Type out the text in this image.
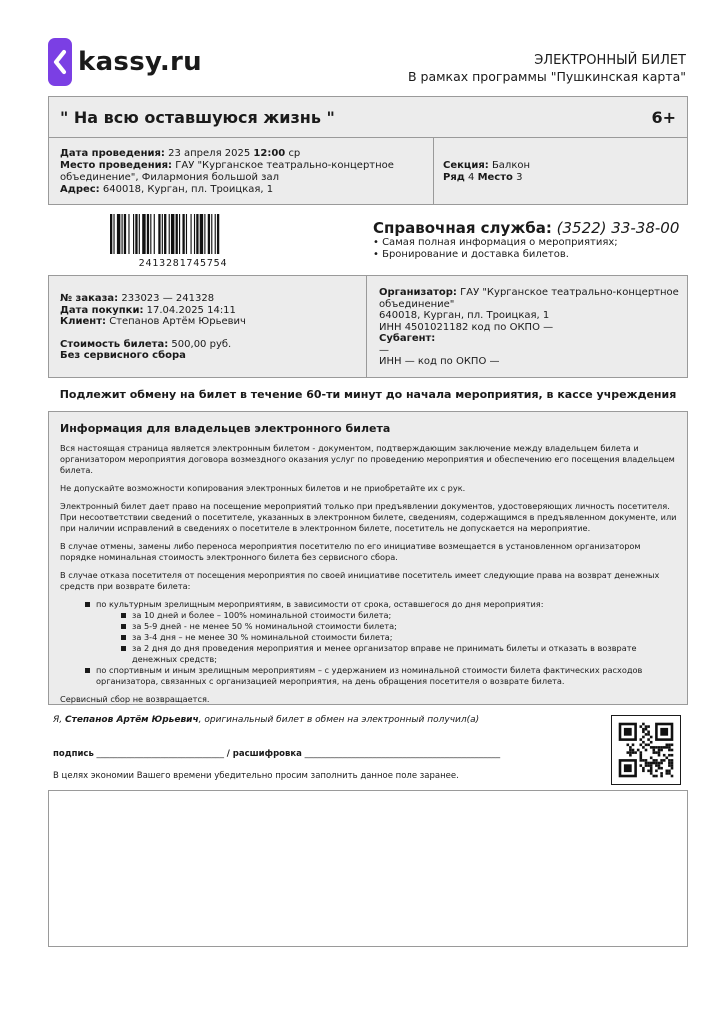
kassy.ru	ЭЛЕКТРОННЫЙ БИЛЕТ
В рамках программы "Пушкинская карта"
" На всю оставшуюся жизнь "	6+
Дата проведения: 23 апреля 2025 12:00 ср
Место проведения: ГАУ "Курганское театрально-концертное
объединение", Филармония большой зал
Адрес: 640018, Курган, пл. Троицкая, 1
Секция: Балкон
Ряд 4 Место 3
2413281745754
Справочная служба: (3522) 33-38-00
• Самая полная информация о мероприятиях;
• Бронирование и доставка билетов.
№ заказа: 233023 — 241328
Дата покупки: 17.04.2025 14:11
Клиент: Степанов Артём Юрьевич
Стоимость билета: 500,00 руб.
Без сервисного сбора
Организатор: ГАУ "Курганское театрально-концертное
объединение"
640018, Курган, пл. Троицкая, 1
ИНН 4501021182 код по ОКПО —
Субагент:
—
ИНН — код по ОКПО —
Подлежит обмену на билет в течение 60-ти минут до начала мероприятия, в кассе учреждения
Информация для владельцев электронного билета

Вся настоящая страница является электронным билетом - документом, подтверждающим заключение между владельцем билета и организатором мероприятия договора возмездного оказания услуг по проведению мероприятия и обеспечению его посещения владельцем билета.

Не допускайте возможности копирования электронных билетов и не приобретайте их с рук.

Электронный билет дает право на посещение мероприятий только при предъявлении документов, удостоверяющих личность посетителя. При несоответствии сведений о посетителе, указанных в электронном билете, сведениям, содержащимся в предъявленном документе, или при наличии исправлений в сведениях о посетителе в электронном билете, посетитель не допускается на мероприятие.

В случае отмены, замены либо переноса мероприятия посетителю по его инициативе возмещается в установленном организатором порядке номинальная стоимость электронного билета без сервисного сбора.

В случае отказа посетителя от посещения мероприятия по своей инициативе посетитель имеет следующие права на возврат денежных средств при возврате билета:

по культурным зрелищным мероприятиям, в зависимости от срока, оставшегося до дня мероприятия:
за 10 дней и более – 100% номинальной стоимости билета;
за 5-9 дней - не менее 50 % номинальной стоимости билета;
за 3-4 дня – не менее 30 % номинальной стоимости билета;
за 2 дня до дня проведения мероприятия и менее организатор вправе не принимать билеты и отказать в возврате денежных средств;
по спортивным и иным зрелищным мероприятиям – с удержанием из номинальной стоимости билета фактических расходов организатора, связанных с организацией мероприятия, на день обращения посетителя о возврате билета.

Сервисный сбор не возвращается.

Я, Степанов Артём Юрьевич, оригинальный билет в обмен на электронный получил(а)
подпись ______________________________ / расшифровка ______________________________________________
В целях экономии Вашего времени убедительно просим заполнить данное поле заранее.
